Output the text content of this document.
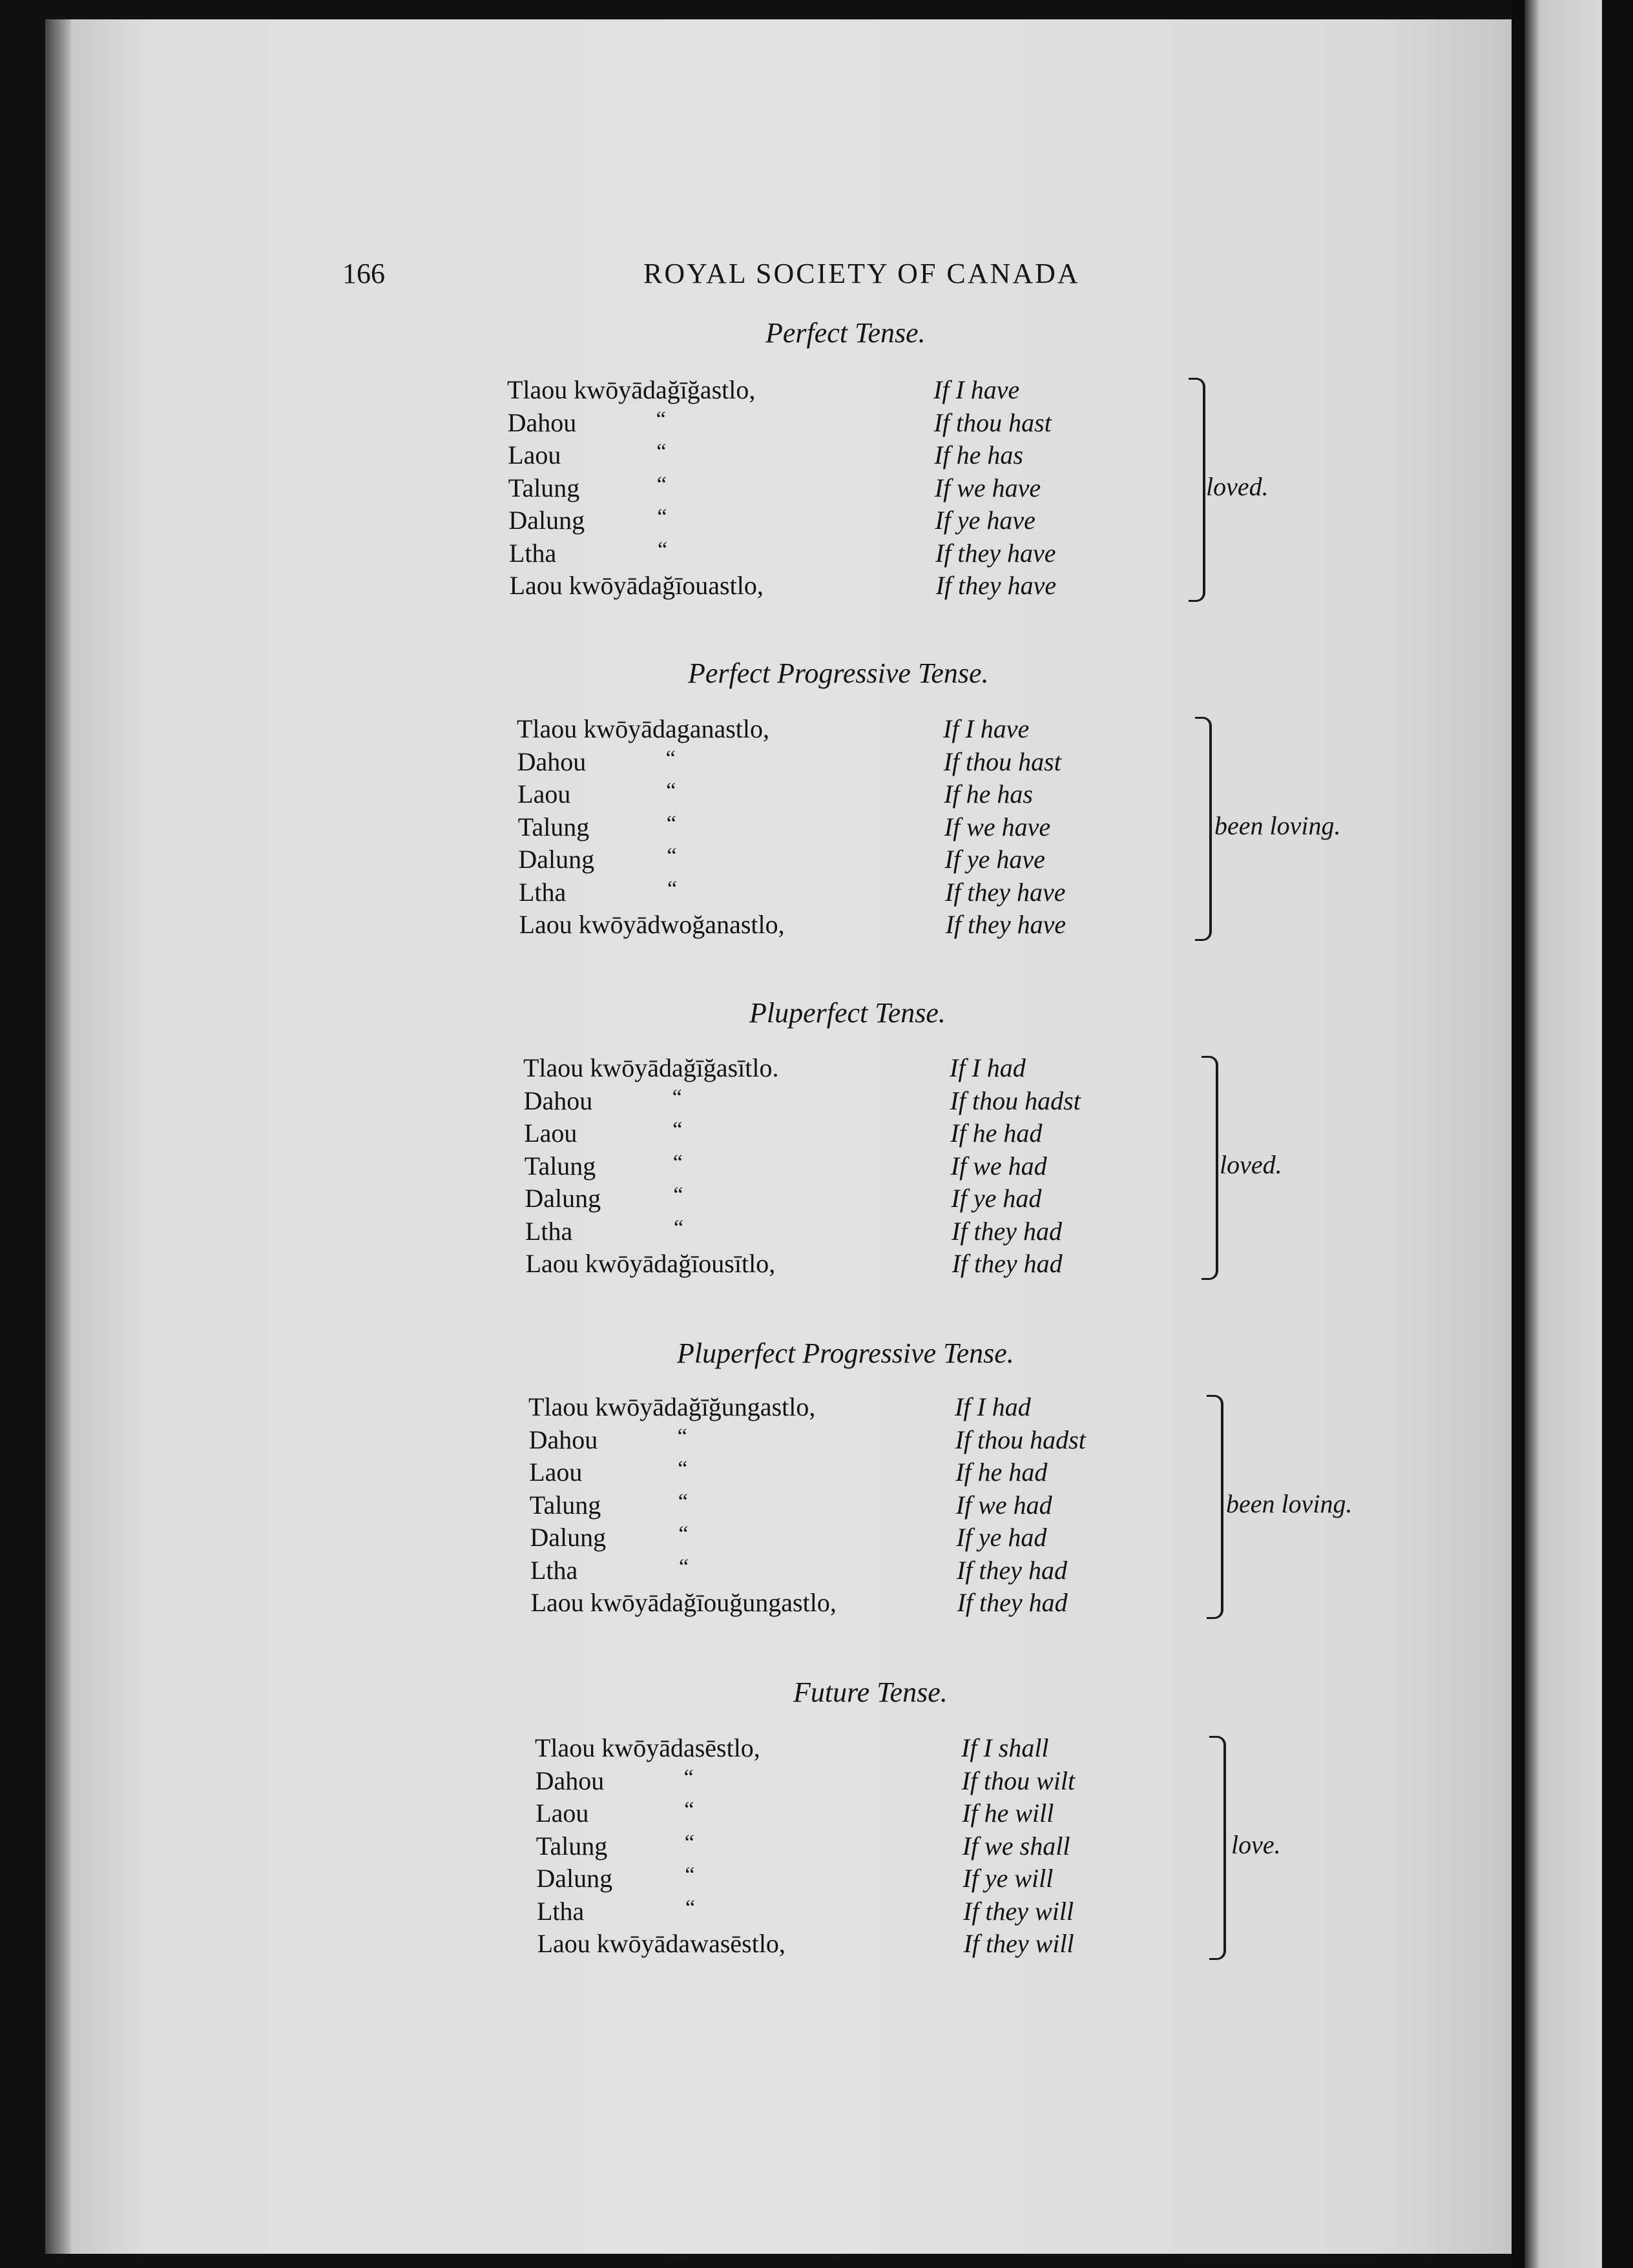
166	ROYAL SOCIETY OF CANADA
Perfect Tense.
Tlaou kwōyādağīğastlo,	If I have
Dahou	“	If thou hast
Laou	“	If he has
Talung	“	If we have
Dalung	“	If ye have
Ltha	“	If they have
Laou kwōyādağīouastlo,	If they have
loved.
Perfect Progressive Tense.
Tlaou kwōyādaganastlo,	If I have
Dahou	“	If thou hast
Laou	“	If he has
Talung	“	If we have
Dalung	“	If ye have
Ltha	“	If they have
Laou kwōyādwoğanastlo,	If they have
been loving.
Pluperfect Tense.
Tlaou kwōyādağīğasītlo.	If I had
Dahou	“	If thou hadst
Laou	“	If he had
Talung	“	If we had
Dalung	“	If ye had
Ltha	“	If they had
Laou kwōyādağīousītlo,	If they had
loved.
Pluperfect Progressive Tense.
Tlaou kwōyādağīğungastlo,	If I had
Dahou	“	If thou hadst
Laou	“	If he had
Talung	“	If we had
Dalung	“	If ye had
Ltha	“	If they had
Laou kwōyādağīouğungastlo,	If they had
been loving.
Future Tense.
Tlaou kwōyādasēstlo,	If I shall
Dahou	“	If thou wilt
Laou	“	If he will
Talung	“	If we shall
Dalung	“	If ye will
Ltha	“	If they will
Laou kwōyādawasēstlo,	If they will
love.
